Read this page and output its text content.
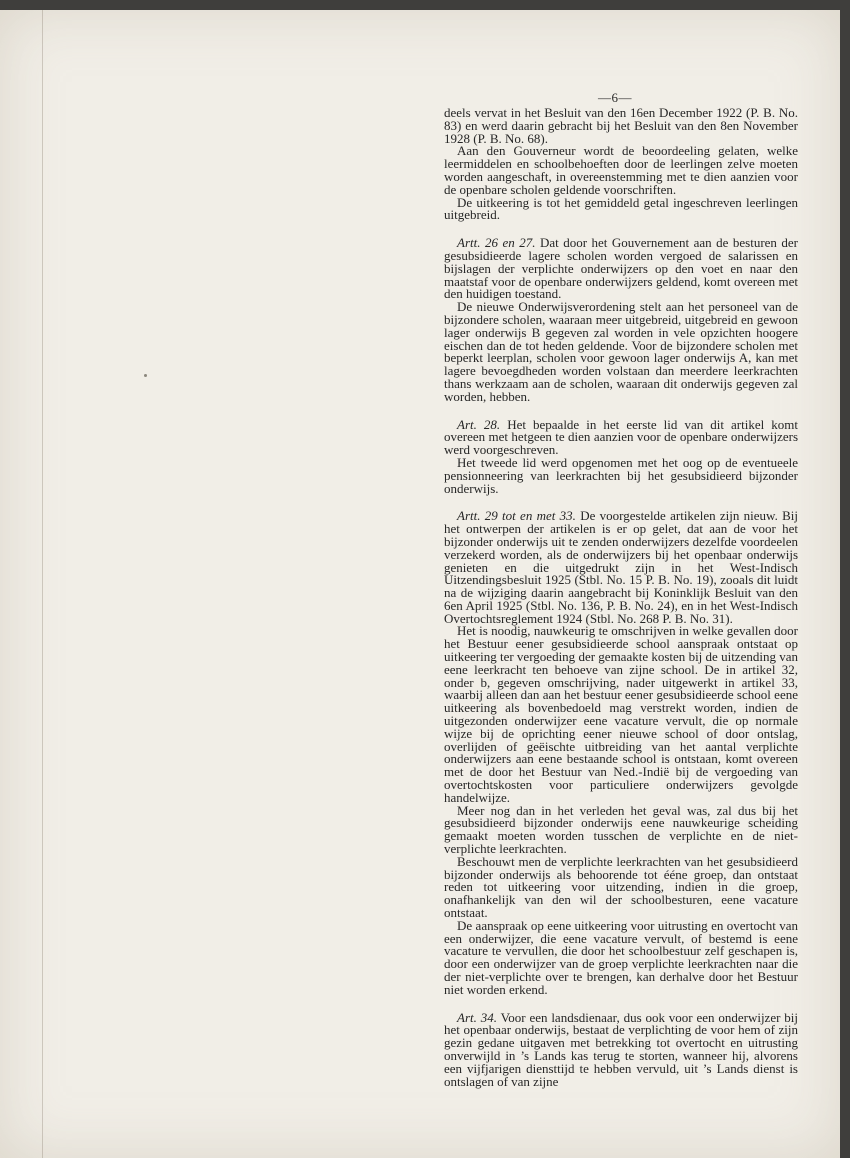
—6—

deels vervat in het Besluit van den 16en December 1922 (P. B. No. 83) en werd daarin gebracht bij het Besluit van den 8en November 1928 (P. B. No. 68).

Aan den Gouverneur wordt de beoordeeling gelaten, welke leermiddelen en schoolbehoeften door de leerlingen zelve moeten worden aangeschaft, in overeenstemming met te dien aanzien voor de openbare scholen geldende voorschriften.

De uitkeering is tot het gemiddeld getal ingeschreven leerlingen uitgebreid.

Artt. 26 en 27. Dat door het Gouvernement aan de besturen der gesubsidieerde lagere scholen worden vergoed de salarissen en bijslagen der verplichte onderwijzers op den voet en naar den maatstaf voor de openbare onderwijzers geldend, komt overeen met den huidigen toestand.

De nieuwe Onderwijsverordening stelt aan het personeel van de bijzondere scholen, waaraan meer uitgebreid, uitgebreid en gewoon lager onderwijs B gegeven zal worden in vele opzichten hoogere eischen dan de tot heden geldende. Voor de bijzondere scholen met beperkt leerplan, scholen voor gewoon lager onderwijs A, kan met lagere bevoegdheden worden volstaan dan meerdere leerkrachten thans werkzaam aan de scholen, waaraan dit onderwijs gegeven zal worden, hebben.

Art. 28. Het bepaalde in het eerste lid van dit artikel komt overeen met hetgeen te dien aanzien voor de openbare onderwijzers werd voorgeschreven.

Het tweede lid werd opgenomen met het oog op de eventueele pensionneering van leerkrachten bij het gesubsidieerd bijzonder onderwijs.

Artt. 29 tot en met 33. De voorgestelde artikelen zijn nieuw. Bij het ontwerpen der artikelen is er op gelet, dat aan de voor het bijzonder onderwijs uit te zenden onderwijzers dezelfde voordeelen verzekerd worden, als de onderwijzers bij het openbaar onderwijs genieten en die uitgedrukt zijn in het West-Indisch Uitzendingsbesluit 1925 (Stbl. No. 15 P. B. No. 19), zooals dit luidt na de wijziging daarin aangebracht bij Koninklijk Besluit van den 6en April 1925 (Stbl. No. 136, P. B. No. 24), en in het West-Indisch Overtochtsreglement 1924 (Stbl. No. 268 P. B. No. 31).

Het is noodig, nauwkeurig te omschrijven in welke gevallen door het Bestuur eener gesubsidieerde school aanspraak ontstaat op uitkeering ter vergoeding der gemaakte kosten bij de uitzending van eene leerkracht ten behoeve van zijne school. De in artikel 32, onder b, gegeven omschrijving, nader uitgewerkt in artikel 33, waarbij alleen dan aan het bestuur eener gesubsidieerde school eene uitkeering als bovenbedoeld mag verstrekt worden, indien de uitgezonden onderwijzer eene vacature vervult, die op normale wijze bij de oprichting eener nieuwe school of door ontslag, overlijden of geëischte uitbreiding van het aantal verplichte onderwijzers aan eene bestaande school is ontstaan, komt overeen met de door het Bestuur van Ned.-Indië bij de vergoeding van overtochtskosten voor particuliere onderwijzers gevolgde handelwijze.

Meer nog dan in het verleden het geval was, zal dus bij het gesubsidieerd bijzonder onderwijs eene nauwkeurige scheiding gemaakt moeten worden tusschen de verplichte en de niet-verplichte leerkrachten.

Beschouwt men de verplichte leerkrachten van het gesubsidieerd bijzonder onderwijs als behoorende tot ééne groep, dan ontstaat reden tot uitkeering voor uitzending, indien in die groep, onafhankelijk van den wil der schoolbesturen, eene vacature ontstaat.

De aanspraak op eene uitkeering voor uitrusting en overtocht van een onderwijzer, die eene vacature vervult, of bestemd is eene vacature te vervullen, die door het schoolbestuur zelf geschapen is, door een onderwijzer van de groep verplichte leerkrachten naar die der niet-verplichte over te brengen, kan derhalve door het Bestuur niet worden erkend.

Art. 34. Voor een landsdienaar, dus ook voor een onderwijzer bij het openbaar onderwijs, bestaat de verplichting de voor hem of zijn gezin gedane uitgaven met betrekking tot overtocht en uitrusting onverwijld in ’s Lands kas terug te storten, wanneer hij, alvorens een vijfjarigen diensttijd te hebben vervuld, uit ’s Lands dienst is ontslagen of van zijne
